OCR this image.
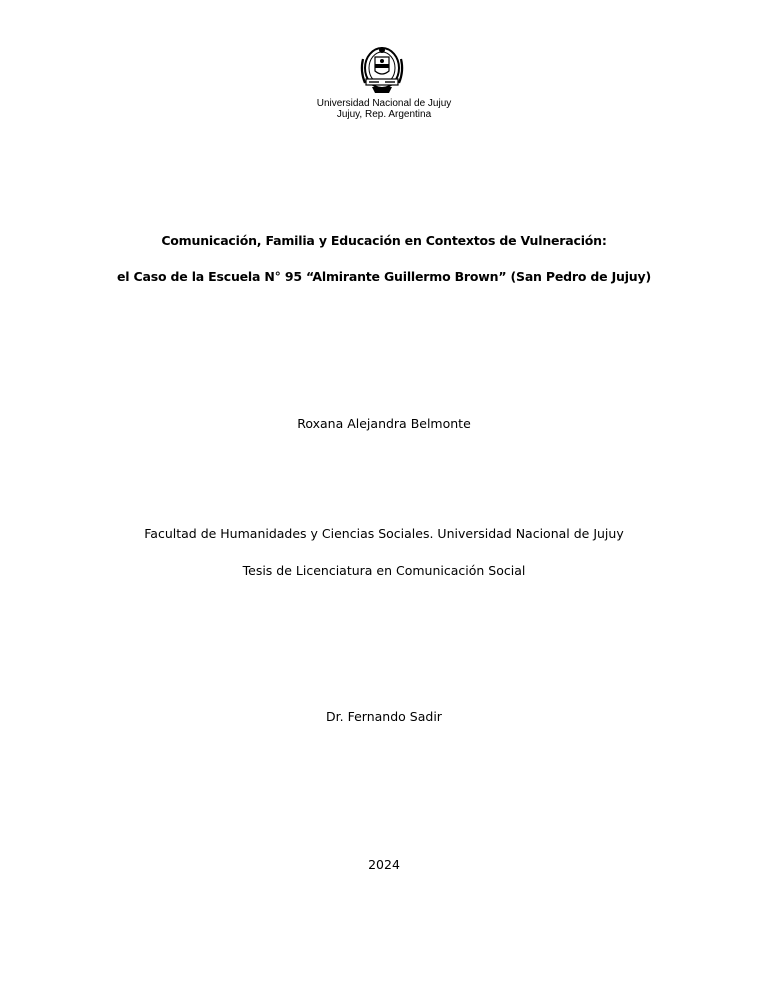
Universidad Nacional de Jujuy
Jujuy, Rep. Argentina
Comunicación, Familia y Educación en Contextos de Vulneración:
el Caso de la Escuela N° 95 “Almirante Guillermo Brown” (San Pedro de Jujuy)
Roxana Alejandra Belmonte
Facultad de Humanidades y Ciencias Sociales. Universidad Nacional de Jujuy
Tesis de Licenciatura en Comunicación Social
Dr. Fernando Sadir
2024
